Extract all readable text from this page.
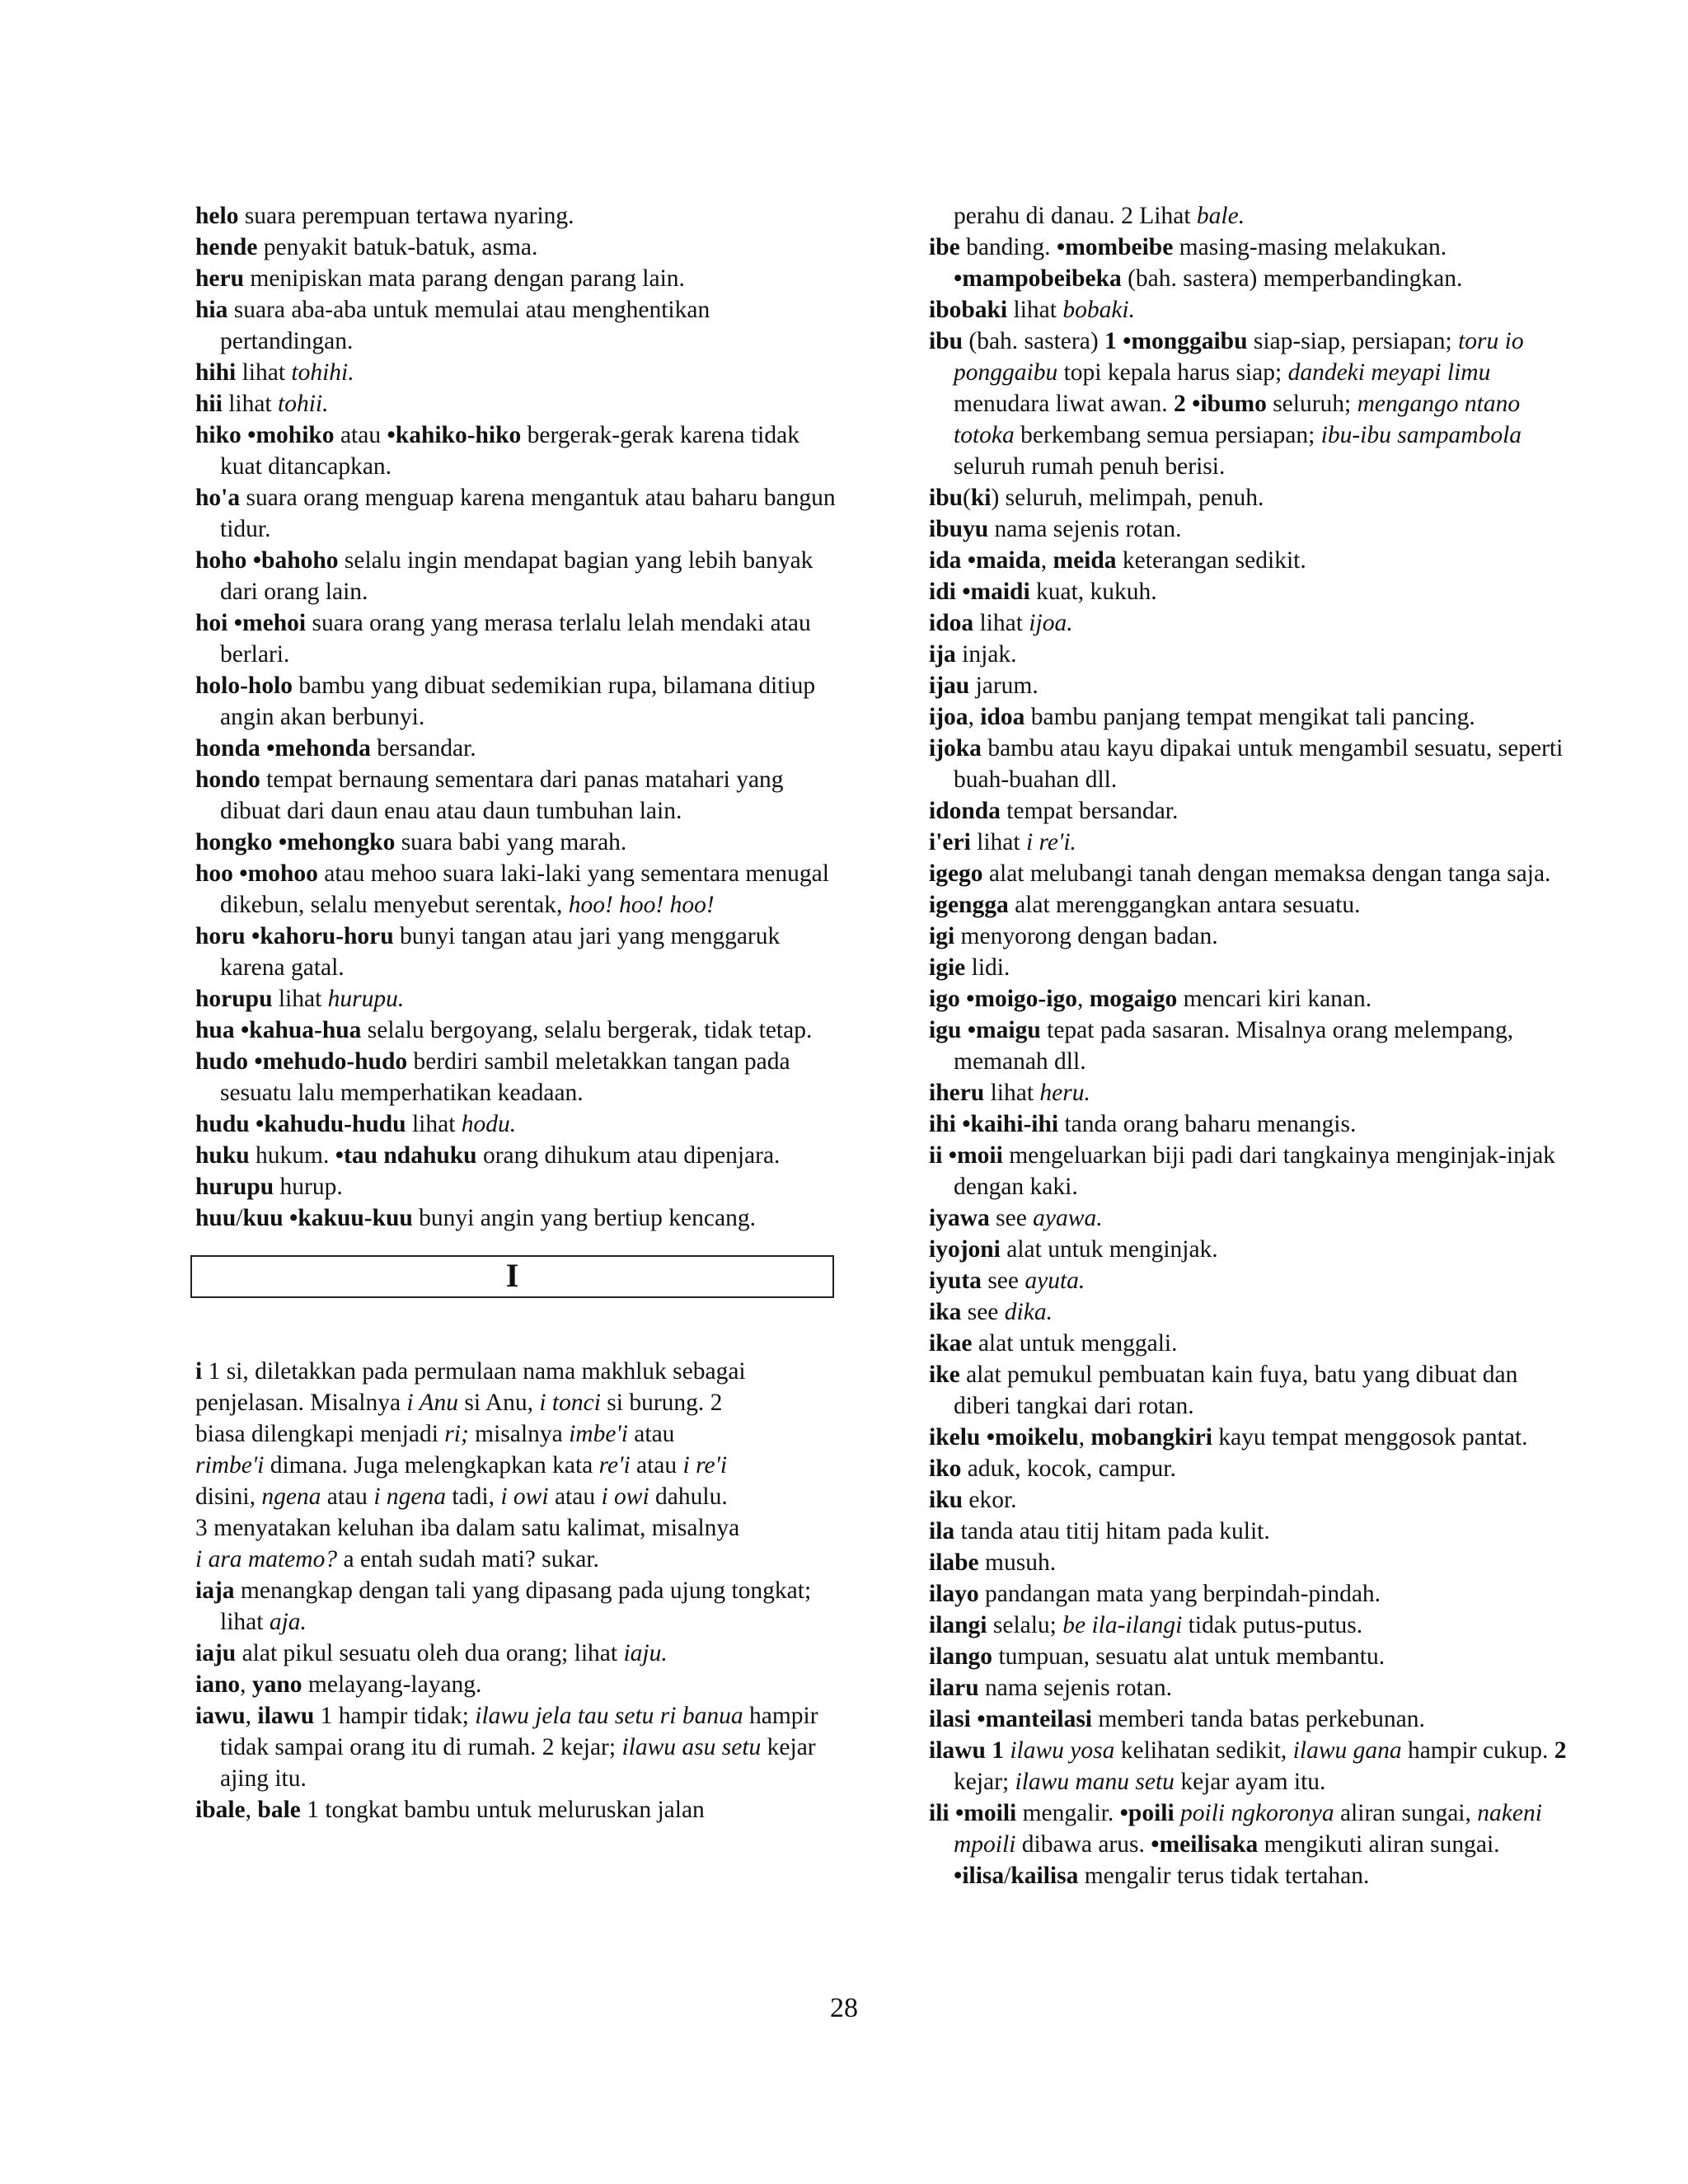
helo suara perempuan tertawa nyaring.

hende penyakit batuk-batuk, asma.

heru menipiskan mata parang dengan parang lain.

hia suara aba-aba untuk memulai atau menghentikan pertandingan.

hihi lihat tohihi.

hii lihat tohii.

hiko •mohiko atau •kahiko-hiko bergerak-gerak karena tidak kuat ditancapkan.

ho'a suara orang menguap karena mengantuk atau baharu bangun tidur.

hoho •bahoho selalu ingin mendapat bagian yang lebih banyak dari orang lain.

hoi •mehoi suara orang yang merasa terlalu lelah mendaki atau berlari.

holo-holo bambu yang dibuat sedemikian rupa, bilamana ditiup angin akan berbunyi.

honda •mehonda bersandar.

hondo tempat bernaung sementara dari panas matahari yang dibuat dari daun enau atau daun tumbuhan lain.

hongko •mehongko suara babi yang marah.

hoo •mohoo atau mehoo suara laki-laki yang sementara menugal dikebun, selalu menyebut serentak, hoo! hoo! hoo!

horu •kahoru-horu bunyi tangan atau jari yang menggaruk karena gatal.

horupu lihat hurupu.

hua •kahua-hua selalu bergoyang, selalu bergerak, tidak tetap.

hudo •mehudo-hudo berdiri sambil meletakkan tangan pada sesuatu lalu memperhatikan keadaan.

hudu •kahudu-hudu lihat hodu.

huku hukum. •tau ndahuku orang dihukum atau dipenjara.

hurupu hurup.

huu/kuu •kakuu-kuu bunyi angin yang bertiup kencang.

I
i 1 si, diletakkan pada permulaan nama makhluk sebagai
penjelasan. Misalnya i Anu si Anu, i tonci si burung. 2
biasa dilengkapi menjadi ri; misalnya imbe'i atau
rimbe'i dimana. Juga melengkapkan kata re'i atau i re'i
disini, ngena atau i ngena tadi, i owi atau i owi dahulu.
3 menyatakan keluhan iba dalam satu kalimat, misalnya
i ara matemo? a entah sudah mati? sukar.

iaja menangkap dengan tali yang dipasang pada ujung tongkat; lihat aja.

iaju alat pikul sesuatu oleh dua orang; lihat iaju.

iano, yano melayang-layang.

iawu, ilawu 1 hampir tidak; ilawu jela tau setu ri banua hampir tidak sampai orang itu di rumah. 2 kejar; ilawu asu setu kejar ajing itu.

ibale, bale 1 tongkat bambu untuk meluruskan jalan

perahu di danau. 2 Lihat bale.

ibe banding. •mombeibe masing-masing melakukan. •mampobeibeka (bah. sastera) memperbandingkan.

ibobaki lihat bobaki.

ibu (bah. sastera) 1 •monggaibu siap-siap, persiapan; toru io ponggaibu topi kepala harus siap; dandeki meyapi limu menudara liwat awan. 2 •ibumo seluruh; mengango ntano totoka berkembang semua persiapan; ibu-ibu sampambola seluruh rumah penuh berisi.

ibu(ki) seluruh, melimpah, penuh.

ibuyu nama sejenis rotan.

ida •maida, meida keterangan sedikit.

idi •maidi kuat, kukuh.

idoa lihat ijoa.

ija injak.

ijau jarum.

ijoa, idoa bambu panjang tempat mengikat tali pancing.

ijoka bambu atau kayu dipakai untuk mengambil sesuatu, seperti buah-buahan dll.

idonda tempat bersandar.

i'eri lihat i re'i.

igego alat melubangi tanah dengan memaksa dengan tanga saja.

igengga alat merenggangkan antara sesuatu.

igi menyorong dengan badan.

igie lidi.

igo •moigo-igo, mogaigo mencari kiri kanan.

igu •maigu tepat pada sasaran. Misalnya orang melempang, memanah dll.

iheru lihat heru.

ihi •kaihi-ihi tanda orang baharu menangis.

ii •moii mengeluarkan biji padi dari tangkainya menginjak-injak dengan kaki.

iyawa see ayawa.

iyojoni alat untuk menginjak.

iyuta see ayuta.

ika see dika.

ikae alat untuk menggali.

ike alat pemukul pembuatan kain fuya, batu yang dibuat dan diberi tangkai dari rotan.

ikelu •moikelu, mobangkiri kayu tempat menggosok pantat.

iko aduk, kocok, campur.

iku ekor.

ila tanda atau titij hitam pada kulit.

ilabe musuh.

ilayo pandangan mata yang berpindah-pindah.

ilangi selalu; be ila-ilangi tidak putus-putus.

ilango tumpuan, sesuatu alat untuk membantu.

ilaru nama sejenis rotan.

ilasi •manteilasi memberi tanda batas perkebunan.

ilawu 1 ilawu yosa kelihatan sedikit, ilawu gana hampir cukup. 2 kejar; ilawu manu setu kejar ayam itu.

ili •moili mengalir. •poili poili ngkoronya aliran sungai, nakeni mpoili dibawa arus. •meilisaka mengikuti aliran sungai. •ilisa/kailisa mengalir terus tidak tertahan.

28
